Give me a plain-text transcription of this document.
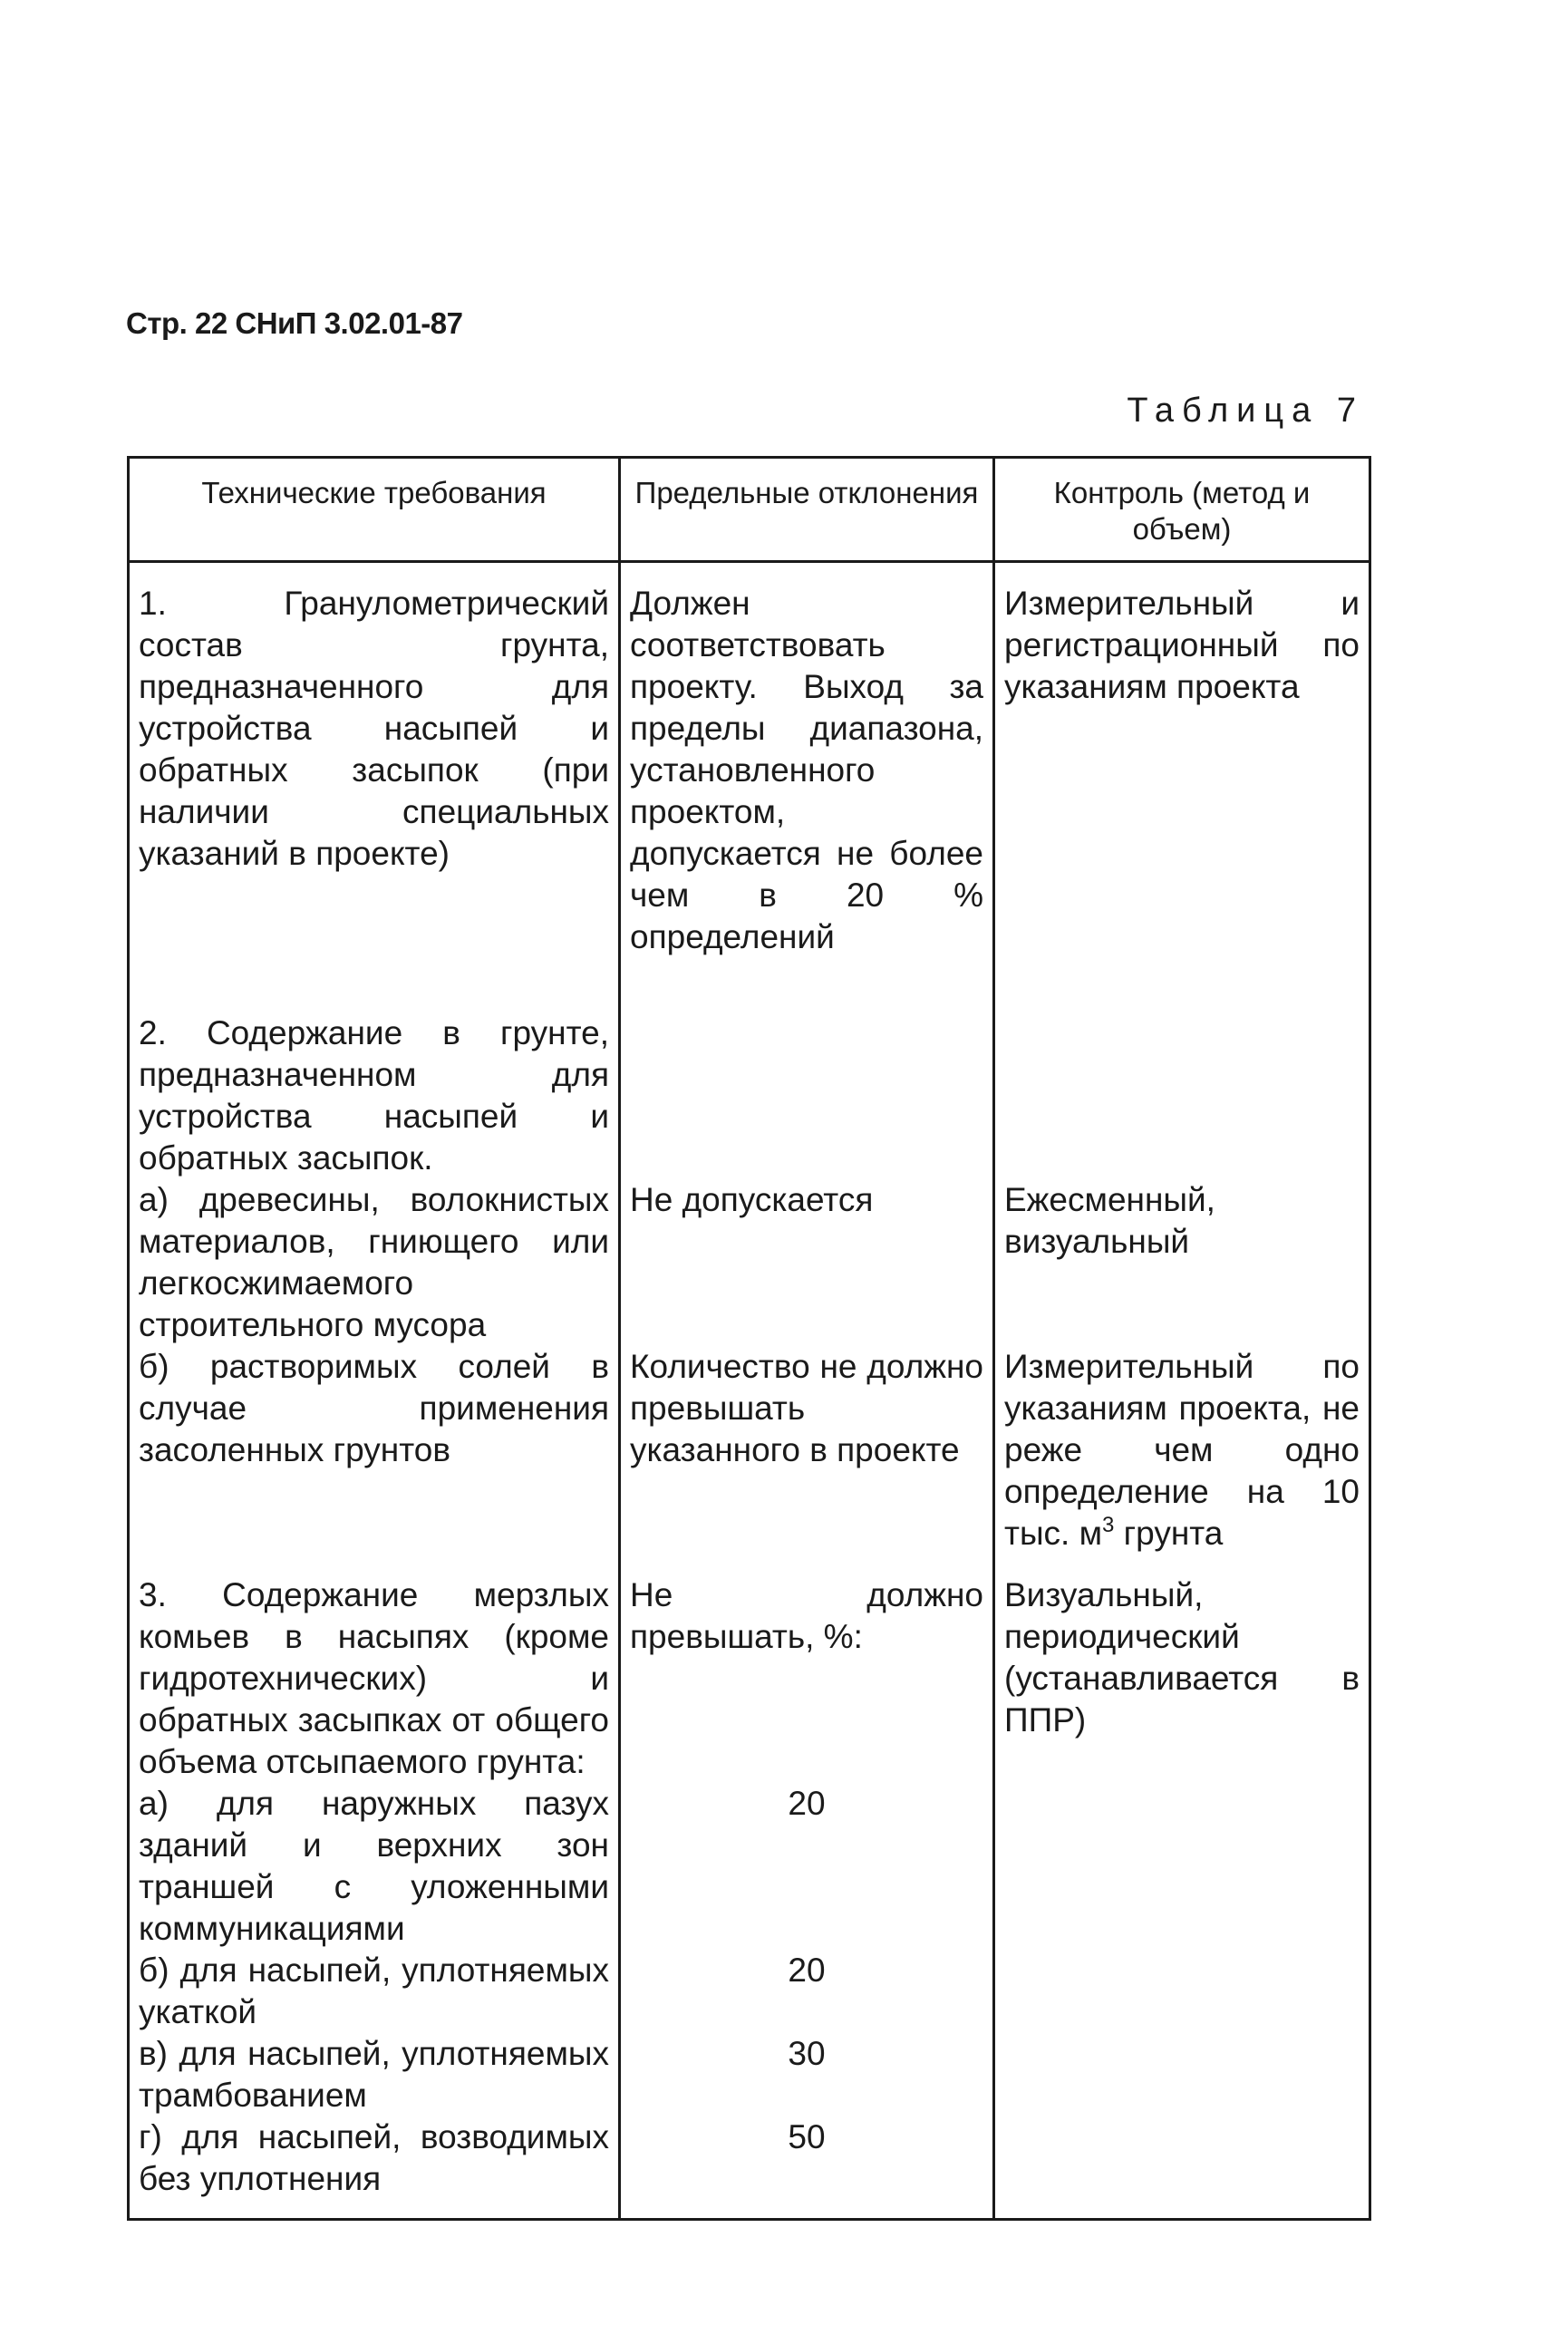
Стр. 22 СНиП 3.02.01-87
Таблица 7
Технические требования	Предельные отклонения	Контроль (метод и объем)
1. Гранулометрический состав грунта, предназначенного для устройства насыпей и обратных засыпок (при наличии специальных указаний в проекте)	Должен соответствовать проекту. Выход за пределы диапазона, установленного проектом, допускается не более чем в 20 % определений	Измерительный и регистрационный по указаниям проекта
2. Содержание в грунте, предназначенном для устройства насыпей и обратных засыпок.		
а) древесины, волокнистых материалов, гниющего или легкосжимаемого строительного мусора	Не допускается	Ежесменный, визуальный
б) растворимых солей в случае применения засоленных грунтов	Количество не должно превышать указанного в проекте	Измерительный по указаниям проекта, не реже чем одно определение на 10 тыс. $м^3$ грунта
3. Содержание мерзлых комьев в насыпях (кроме гидротехнических) и обратных засыпках от общего объема отсыпаемого грунта:	Не должно превышать, %:	Визуальный, периодический (устанавливается в ППР)
а) для наружных пазух зданий и верхних зон траншей с уложенными коммуникациями	20	
б) для насыпей, уплотняемых укаткой	20	
в) для насыпей, уплотняемых трамбованием	30	
г) для насыпей, возводимых без уплотнения	50	
